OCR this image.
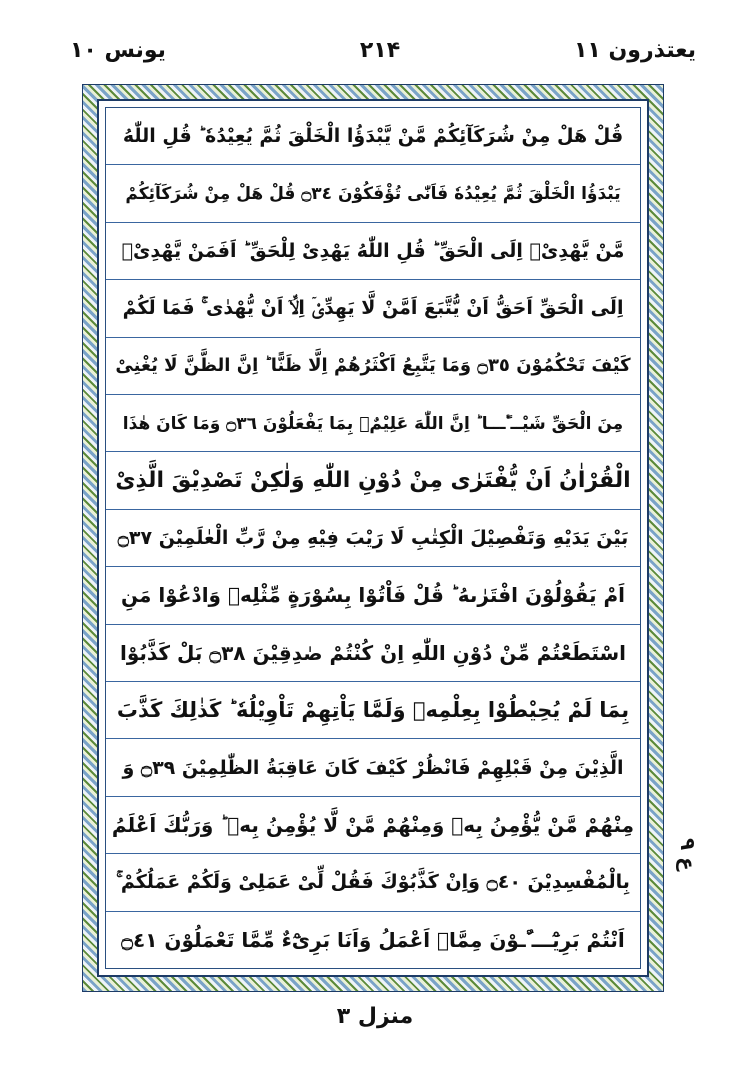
يونس ١٠	٢١۴	يعتذرون ١١
قُلْ هَلْ مِنْ شُرَكَآئِكُمْ مَّنْ يَّبْدَؤُا الْخَلْقَ ثُمَّ يُعِيْدُهٗ ؕ قُلِ اللّٰهُ
يَبْدَؤُا الْخَلْقَ ثُمَّ يُعِيْدُهٗ فَاَنّٰى تُؤْفَكُوْنَ ۝٣٤ قُلْ هَلْ مِنْ شُرَكَآئِكُمْ
مَّنْ يَّهْدِىْۤ اِلَى الْحَقِّ ؕ قُلِ اللّٰهُ يَهْدِىْ لِلْحَقِّ ؕ اَفَمَنْ يَّهْدِىْۤ
اِلَى الْحَقِّ اَحَقُّ اَنْ يُّتَّبَعَ اَمَّنْ لَّا يَهِدِّىْۤ اِلَّاۤ اَنْ يُّهْدٰى ۚ فَمَا لَكُمْ
كَيْفَ تَحْكُمُوْنَ ۝٣٥ وَمَا يَتَّبِعُ اَكْثَرُهُمْ اِلَّا ظَنًّا ؕ اِنَّ الظَّنَّ لَا يُغْنِىْ
مِنَ الْحَقِّ شَيْــٴًـــا ؕ اِنَّ اللّٰهَ عَلِيْمٌۢ بِمَا يَفْعَلُوْنَ ۝٣٦ وَمَا كَانَ هٰذَا
الْقُرْاٰنُ اَنْ يُّفْتَرٰى مِنْ دُوْنِ اللّٰهِ وَلٰكِنْ تَصْدِيْقَ الَّذِىْ
بَيْنَ يَدَيْهِ وَتَفْصِيْلَ الْكِتٰبِ لَا رَيْبَ فِيْهِ مِنْ رَّبِّ الْعٰلَمِيْنَ ۝٣٧
اَمْ يَقُوْلُوْنَ افْتَرٰىهُ ؕ قُلْ فَاْتُوْا بِسُوْرَةٍ مِّثْلِهٖ وَادْعُوْا مَنِ
اسْتَطَعْتُمْ مِّنْ دُوْنِ اللّٰهِ اِنْ كُنْتُمْ صٰدِقِيْنَ ۝٣٨ بَلْ كَذَّبُوْا
بِمَا لَمْ يُحِيْطُوْا بِعِلْمِهٖ وَلَمَّا يَاْتِهِمْ تَاْوِيْلُهٗ ؕ كَذٰلِكَ كَذَّبَ
الَّذِيْنَ مِنْ قَبْلِهِمْ فَانْظُرْ كَيْفَ كَانَ عَاقِبَةُ الظّٰلِمِيْنَ ۝٣٩ وَ
مِنْهُمْ مَّنْ يُّؤْمِنُ بِهٖ وَمِنْهُمْ مَّنْ لَّا يُؤْمِنُ بِهٖ ؕ وَرَبُّكَ اَعْلَمُ
بِالْمُفْسِدِيْنَ ۝٤٠ وَاِنْ كَذَّبُوْكَ فَقُلْ لِّىْ عَمَلِىْ وَلَكُمْ عَمَلُكُمْ ۚ
اَنْتُمْ بَرِيْٓـــٴُـوْنَ مِمَّاۤ اَعْمَلُ وَاَنَا بَرِىْٓءٌ مِّمَّا تَعْمَلُوْنَ ۝٤١
ع ٩
منزل ٣
